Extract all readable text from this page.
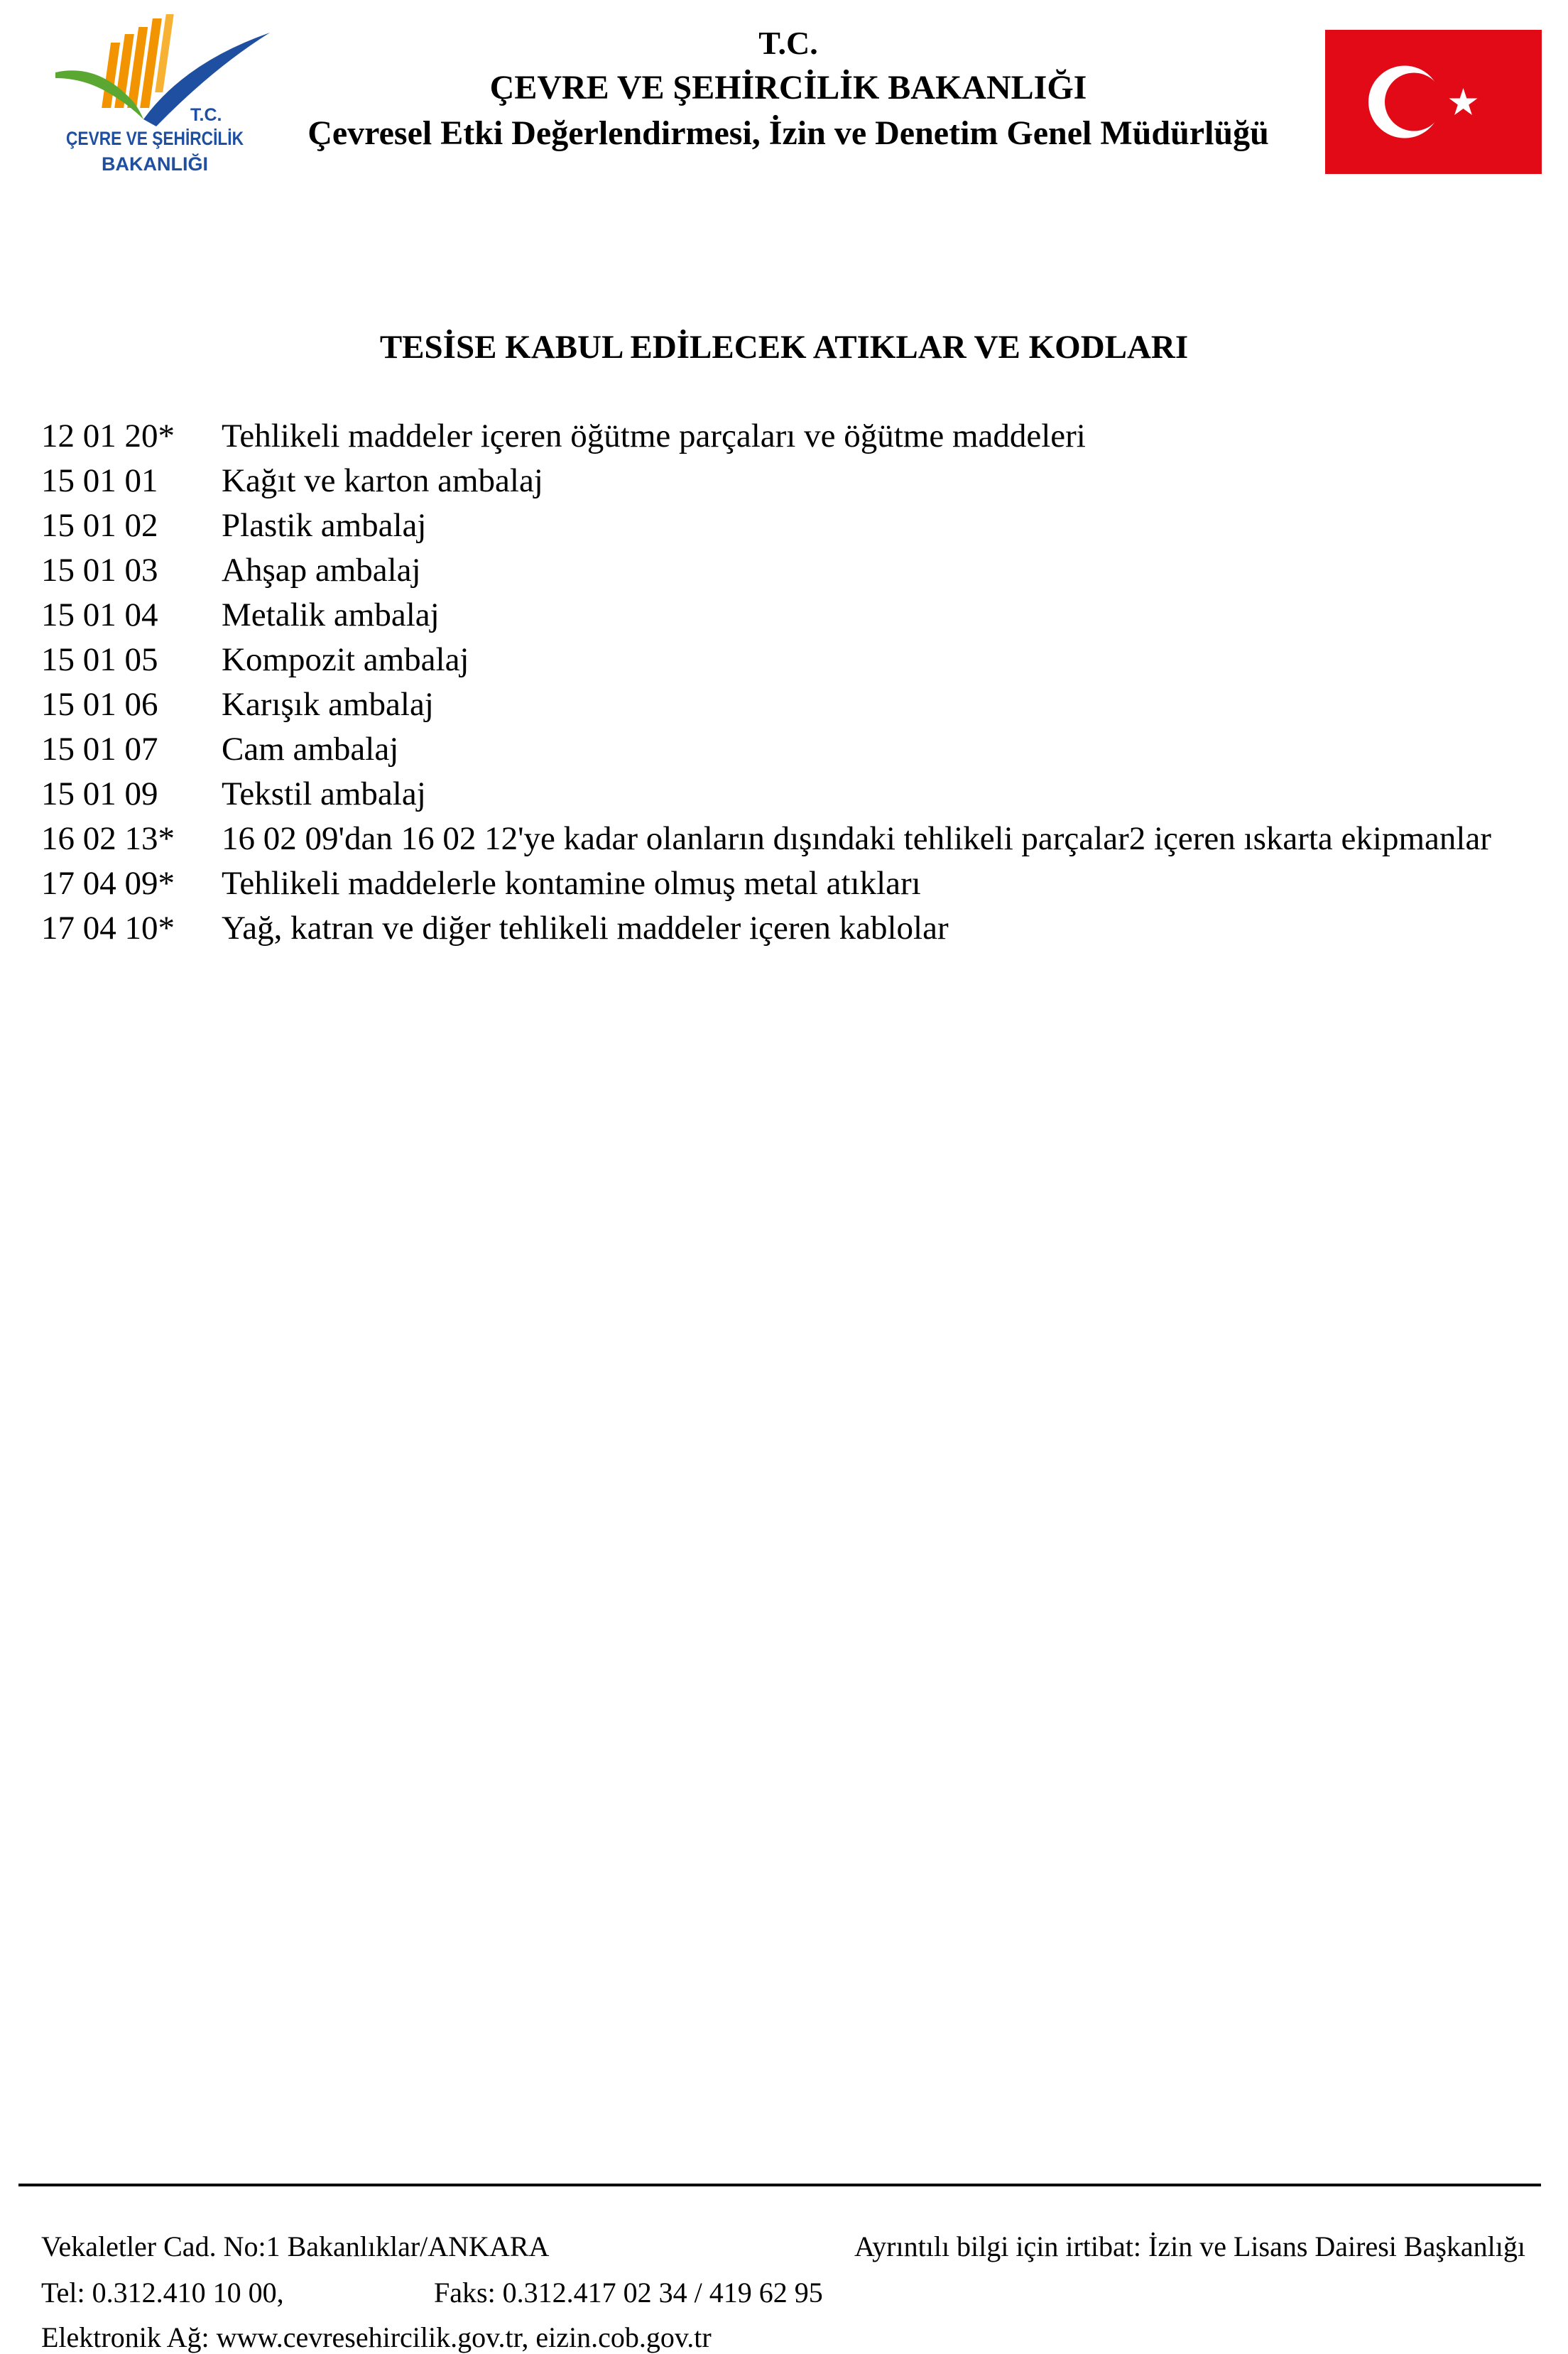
T.C.
ÇEVRE VE ŞEHİRCİLİK
BAKANLIĞI
T.C.
ÇEVRE VE ŞEHİRCİLİK BAKANLIĞI
Çevresel Etki Değerlendirmesi, İzin ve Denetim Genel Müdürlüğü
TESİSE KABUL EDİLECEK ATIKLAR VE KODLARI
12 01 20*	Tehlikeli maddeler içeren öğütme parçaları ve öğütme maddeleri
15 01 01	Kağıt ve karton ambalaj
15 01 02	Plastik ambalaj
15 01 03	Ahşap ambalaj
15 01 04	Metalik ambalaj
15 01 05	Kompozit ambalaj
15 01 06	Karışık ambalaj
15 01 07	Cam ambalaj
15 01 09	Tekstil ambalaj
16 02 13*	16 02 09'dan 16 02 12'ye kadar olanların dışındaki tehlikeli parçalar2 içeren ıskarta ekipmanlar
17 04 09*	Tehlikeli maddelerle kontamine olmuş metal atıkları
17 04 10*	Yağ, katran ve diğer tehlikeli maddeler içeren kablolar
Vekaletler Cad. No:1 Bakanlıklar/ANKARA	Ayrıntılı bilgi için irtibat: İzin ve Lisans Dairesi Başkanlığı
Tel: 0.312.410 10 00,	Faks: 0.312.417 02 34 / 419 62 95
Elektronik Ağ: www.cevresehircilik.gov.tr, eizin.cob.gov.tr
